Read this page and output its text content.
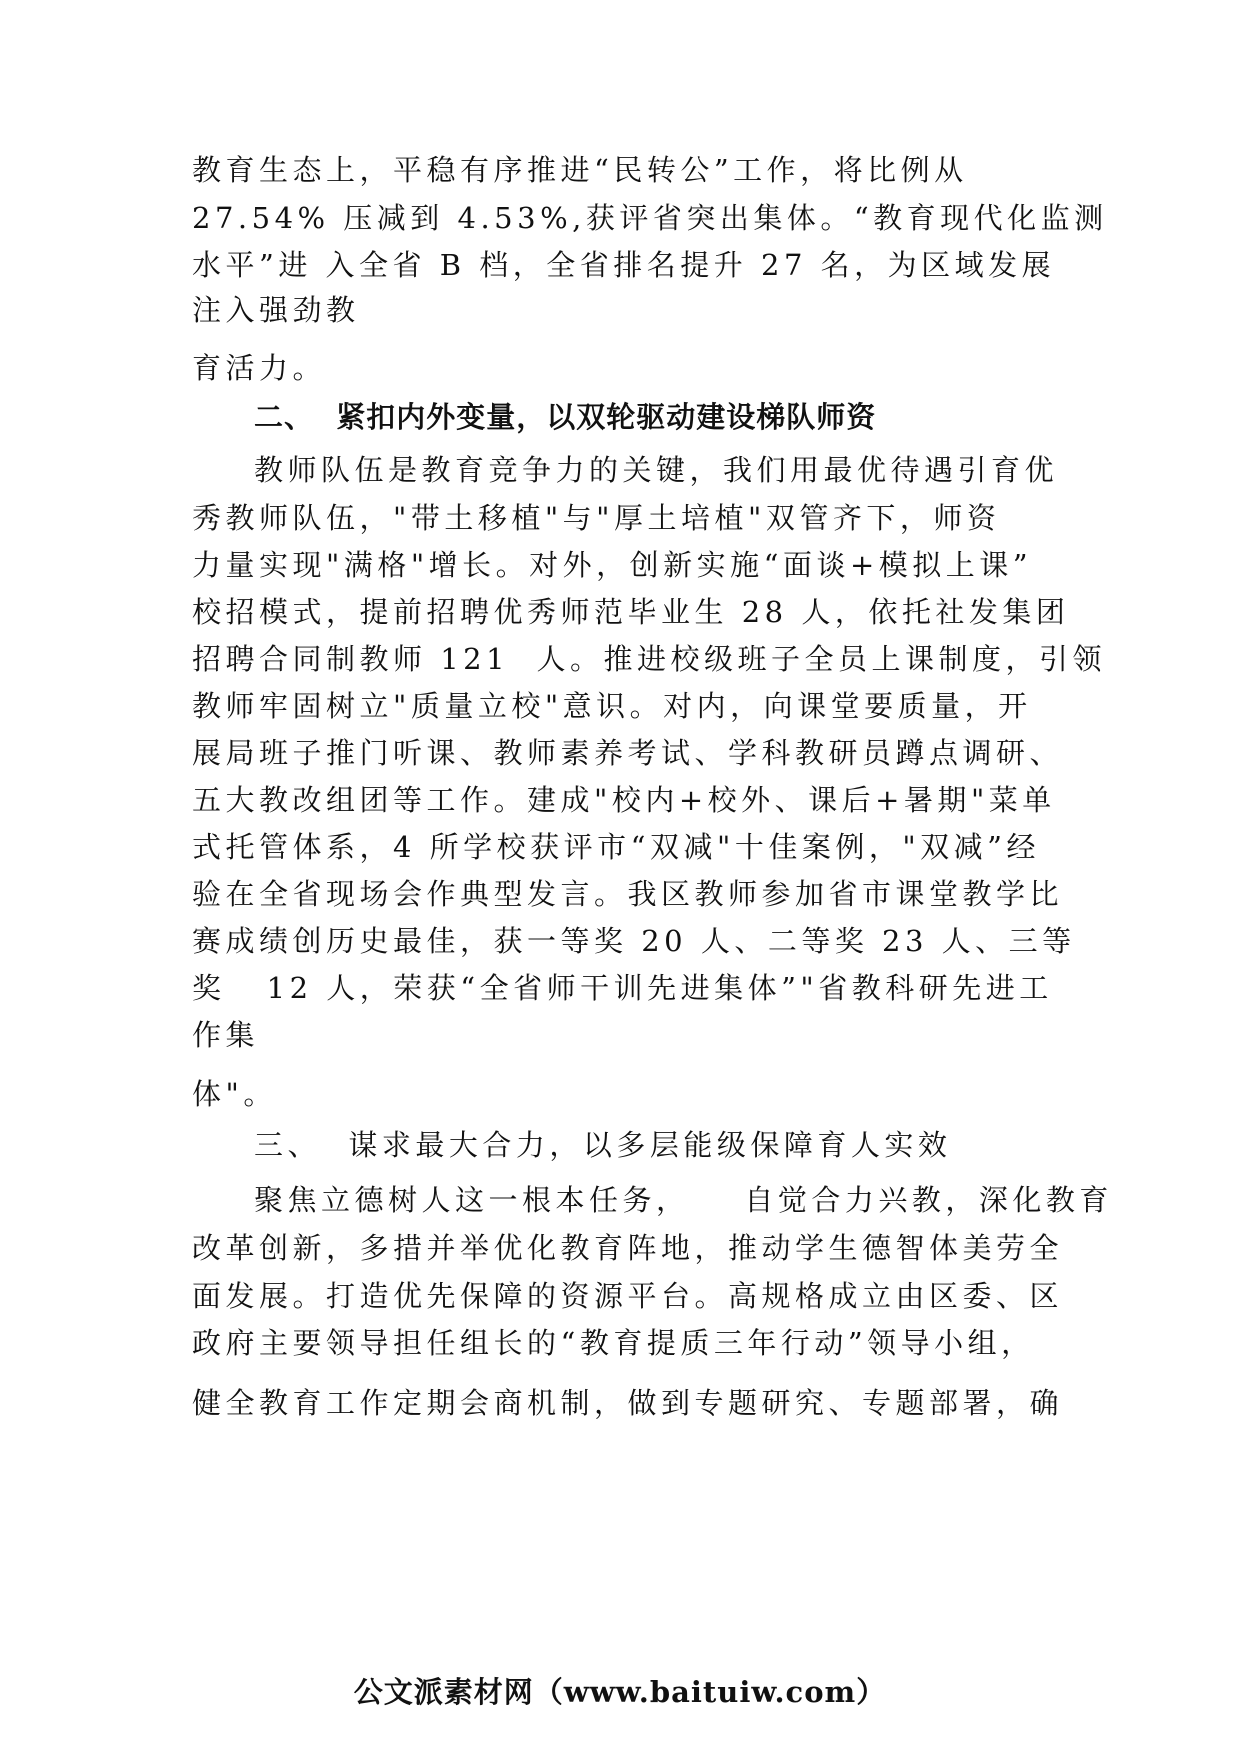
教育生态上，平稳有序推进“民转公”工作，将比例从
27.54% 压减到 4.53%,获评省突出集体。“教育现代化监测
水平”进 入全省 B 档，全省排名提升 27 名，为区域发展
注入强劲教
育活力。
二、  紧扣内外变量，以双轮驱动建设梯队师资
教师队伍是教育竞争力的关键，我们用最优待遇引育优
秀教师队伍，"带土移植"与"厚土培植"双管齐下，师资
力量实现"满格"增长。对外，创新实施“面谈+模拟上课”
校招模式，提前招聘优秀师范毕业生 28 人，依托社发集团
招聘合同制教师 121  人。推进校级班子全员上课制度，引领
教师牢固树立"质量立校"意识。对内，向课堂要质量，开
展局班子推门听课、教师素养考试、学科教研员蹲点调研、
五大教改组团等工作。建成"校内+校外、课后+暑期"菜单
式托管体系，4 所学校获评市“双减"十佳案例，"双减”经
验在全省现场会作典型发言。我区教师参加省市课堂教学比
赛成绩创历史最佳，获一等奖 20 人、二等奖 23 人、三等
奖   12 人，荣获“全省师干训先进集体”"省教科研先进工
作集
体"。
三、  谋求最大合力，以多层能级保障育人实效
聚焦立德树人这一根本任务，    自觉合力兴教，深化教育
改革创新，多措并举优化教育阵地，推动学生德智体美劳全
面发展。打造优先保障的资源平台。高规格成立由区委、区
政府主要领导担任组长的“教育提质三年行动”领导小组，
健全教育工作定期会商机制，做到专题研究、专题部署，确
公文派素材网（www.baituiw.com）
